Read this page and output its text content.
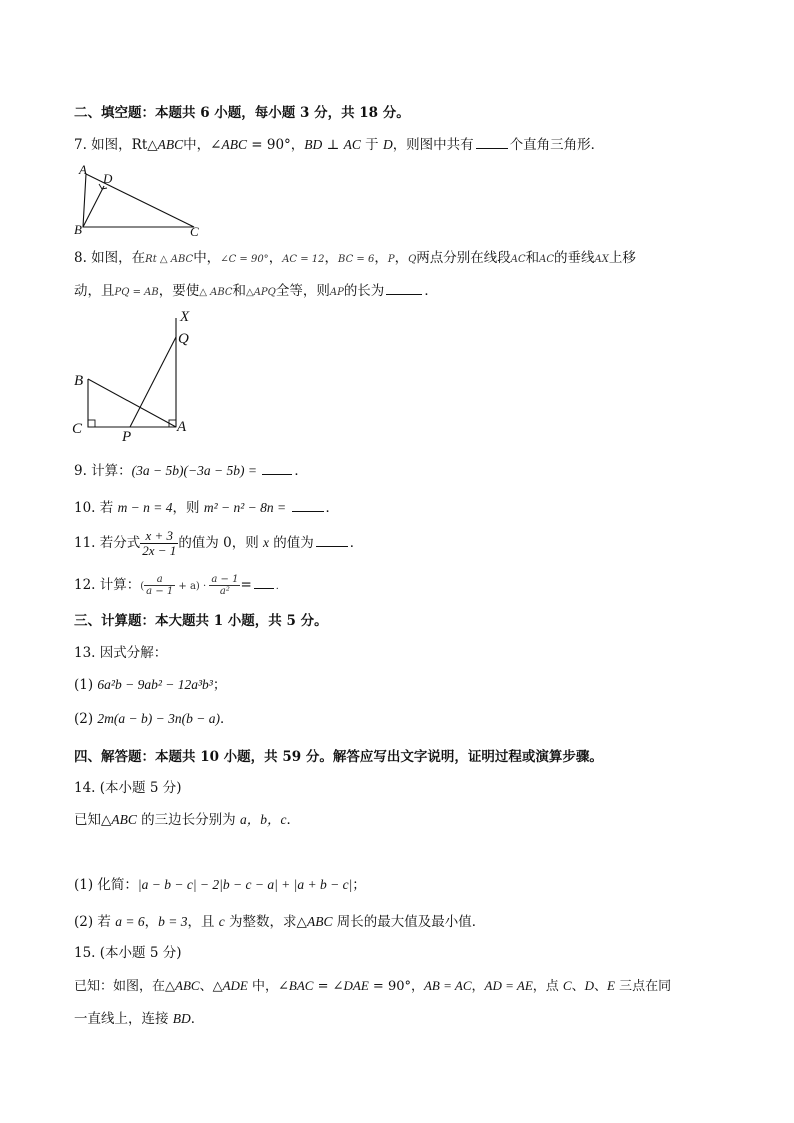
二、填空题：本题共 6 小题，每小题 3 分，共 18 分。
7. 如图，Rt△ABC中，∠ABC = 90°，BD ⊥ AC 于 D，则图中共有	个直角三角形．
A
D
B	C
8. 如图，在Rt △ ABC中，∠C = 90°，AC = 12，BC = 6，P，Q两点分别在线段AC和AC的垂线AX上移
动，且PQ = AB，要使△ ABC和△APQ全等，则AP的长为	．
X
Q
B
C	P
A
9. 计算：(3a − 5b)(−3a − 5b) =	．
10. 若 m − n = 4，则 m² − n² − 8n =	．
11. 若分式 $\frac{x + 3}{2x - 1}$ 的值为 0，则 x 的值为	．
12. 计算：( $\frac{a}{a - 1} + a) \cdot \frac{a - 1}{\text{a²}}$ = ．
三、计算题：本大题共 1 小题，共 5 分。
13. 因式分解：
(1) 6a²b − 9ab² − 12a³b³；
(2) 2m(a − b) − 3n(b − a)．
四、解答题：本题共 10 小题，共 59 分。解答应写出文字说明，证明过程或演算步骤。
14. (本小题 5 分)
已知△ABC 的三边长分别为 a，b，c．
(1) 化简：|a − b − c| − 2|b − c − a| + |a + b − c|；
(2) 若 a = 6，b = 3，且 c 为整数，求△ABC 周长的最大值及最小值．
15. (本小题 5 分)
已知：如图，在△ABC、△ADE 中，∠BAC = ∠DAE = 90°，AB = AC，AD = AE，点 C、D、E 三点在同
一直线上，连接 BD．
